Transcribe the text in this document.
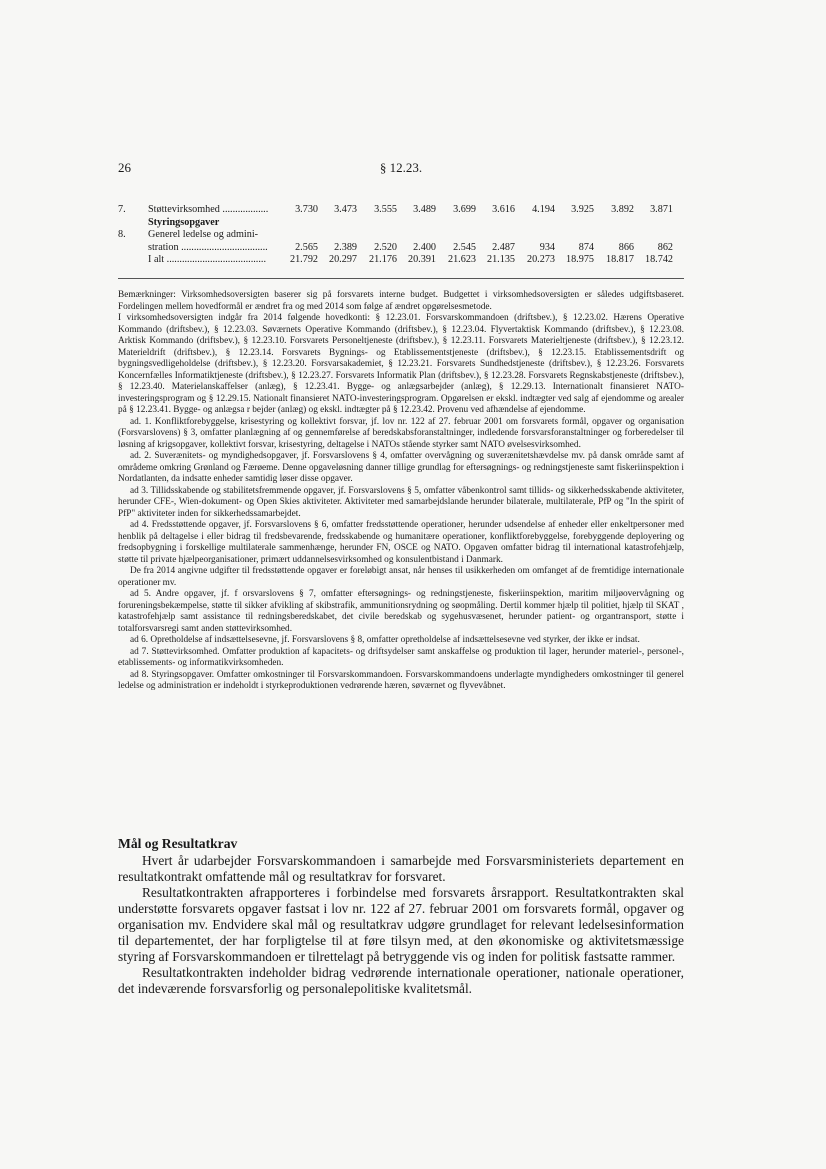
26	§ 12.23.
7. Støttevirksomhed ..................	3.730	3.473	3.555	3.489	3.699	3.616	4.194	3.925	3.892	3.871
Styringsopgaver
8. Generel ledelse og admini-
stration ..................................	2.565	2.389	2.520	2.400	2.545	2.487	934	874	866	862
I alt .......................................	21.792	20.297	21.176	20.391	21.623	21.135	20.273	18.975	18.817	18.742

Bemærkninger: Virksomhedsoversigten baserer sig på forsvarets interne budget. Budgettet i virksomhedsoversigten er således udgiftsbaseret. Fordelingen mellem hovedformål er ændret fra og med 2014 som følge af ændret opgørelsesmetode.

I virksomhedsoversigten indgår fra 2014 følgende hovedkonti: § 12.23.01. Forsvarskommandoen (driftsbev.), § 12.23.02. Hærens Operative Kommando (driftsbev.), § 12.23.03. Søværnets Operative Kommando (driftsbev.), § 12.23.04. Flyvertaktisk Kommando (driftsbev.), § 12.23.08. Arktisk Kommando (driftsbev.), § 12.23.10. Forsvarets Personeltjeneste (driftsbev.), § 12.23.11. Forsvarets Materieltjeneste (driftsbev.), § 12.23.12. Materieldrift (driftsbev.), § 12.23.14. Forsvarets Bygnings- og Etablissementstjeneste (driftsbev.), § 12.23.15. Etablissementsdrift og bygningsvedligeholdelse (driftsbev.), § 12.23.20. Forsvarsakademiet, § 12.23.21. Forsvarets Sundhedstjeneste (driftsbev.), § 12.23.26. Forsvarets Koncernfælles Informatiktjeneste (driftsbev.), § 12.23.27. Forsvarets Informatik Plan (driftsbev.), § 12.23.28. Forsvarets Regnskabstjeneste (driftsbev.), § 12.23.40. Materielanskaffelser (anlæg), § 12.23.41. Bygge- og anlægsarbejder (anlæg), § 12.29.13. Internationalt finansieret NATO-investeringsprogram og § 12.29.15. Nationalt finansieret NATO-investeringsprogram. Opgørelsen er ekskl. indtægter ved salg af ejendomme og arealer på § 12.23.41. Bygge- og anlægsa r bejder (anlæg) og ekskl. indtægter på § 12.23.42. Provenu ved afhændelse af ejendomme.

ad. 1. Konfliktforebyggelse, krisestyring og kollektivt forsvar, jf. lov nr. 122 af 27. februar 2001 om forsvarets formål, opgaver og organisation (Forsvarslovens) § 3, omfatter planlægning af og gennemførelse af beredskabsforanstaltninger, indledende forsvarsforanstaltninger og forberedelser til løsning af krigsopgaver, kollektivt forsvar, krisestyring, deltagelse i NATOs stående styrker samt NATO øvelsesvirksomhed.

ad. 2. Suverænitets- og myndighedsopgaver, jf. Forsvarslovens § 4, omfatter overvågning og suverænitetshævdelse mv. på dansk område samt af områdeme omkring Grønland og Færøeme. Denne opgaveløsning danner tillige grundlag for eftersøgnings- og redningstjeneste samt fiskeriinspektion i Nordatlanten, da indsatte enheder samtidig løser disse opgaver.

ad 3. Tillidsskabende og stabilitetsfremmende opgaver, jf. Forsvarslovens § 5, omfatter våbenkontrol samt tillids- og sikkerhedsskabende aktiviteter, herunder CFE-, Wien-dokument- og Open Skies aktiviteter. Aktiviteter med samarbejdslande herunder bilaterale, multilaterale, PfP og "In the spirit of PfP" aktiviteter inden for sikkerhedssamarbejdet.

ad 4. Fredsstøttende opgaver, jf. Forsvarslovens § 6, omfatter fredsstøttende operationer, herunder udsendelse af enheder eller enkeltpersoner med henblik på deltagelse i eller bidrag til fredsbevarende, fredsskabende og humanitære operationer, konfliktforebyggelse, forebyggende deployering og fredsopbygning i forskellige multilaterale sammenhænge, herunder FN, OSCE og NATO. Opgaven omfatter bidrag til international katastrofehjælp, støtte til private hjælpeorganisationer, primært uddannelsesvirksomhed og konsulentbistand i Danmark.

De fra 2014 angivne udgifter til fredsstøttende opgaver er foreløbigt ansat, når henses til usikkerheden om omfanget af de fremtidige internationale operationer mv.

ad 5. Andre opgaver, jf. f orsvarslovens § 7, omfatter eftersøgnings- og redningstjeneste, fiskeriinspektion, maritim miljøovervågning og forureningsbekæmpelse, støtte til sikker afvikling af skibstrafik, ammunitionsrydning og søopmåling. Dertil kommer hjælp til politiet, hjælp til SKAT , katastrofehjælp samt assistance til redningsberedskabet, det civile beredskab og sygehusvæsenet, herunder patient- og organtransport, støtte i totalforsvarsregi samt anden støttevirksomhed.

ad 6. Opretholdelse af indsættelsesevne, jf. Forsvarslovens § 8, omfatter opretholdelse af indsættelsesevne ved styrker, der ikke er indsat.

ad 7. Støttevirksomhed. Omfatter produktion af kapacitets- og driftsydelser samt anskaffelse og produktion til lager, herunder materiel-, personel-, etablissements- og informatikvirksomheden.

ad 8. Styringsopgaver. Omfatter omkostninger til Forsvarskommandoen. Forsvarskommandoens underlagte myndigheders omkostninger til generel ledelse og administration er indeholdt i styrkeproduktionen vedrørende hæren, søværnet og flyvevåbnet.

Mål og Resultatkrav

Hvert år udarbejder Forsvarskommandoen i samarbejde med Forsvarsministeriets departement en resultatkontrakt omfattende mål og resultatkrav for forsvaret.

Resultatkontrakten afrapporteres i forbindelse med forsvarets årsrapport. Resultatkontrakten skal understøtte forsvarets opgaver fastsat i lov nr. 122 af 27. februar 2001 om forsvarets formål, opgaver og organisation mv. Endvidere skal mål og resultatkrav udgøre grundlaget for relevant ledelsesinformation til departementet, der har forpligtelse til at føre tilsyn med, at den økonomiske og aktivitetsmæssige styring af Forsvarskommandoen er tilrettelagt på betryggende vis og inden for politisk fastsatte rammer.

Resultatkontrakten indeholder bidrag vedrørende internationale operationer, nationale operationer, det indeværende forsvarsforlig og personalepolitiske kvalitetsmål.
